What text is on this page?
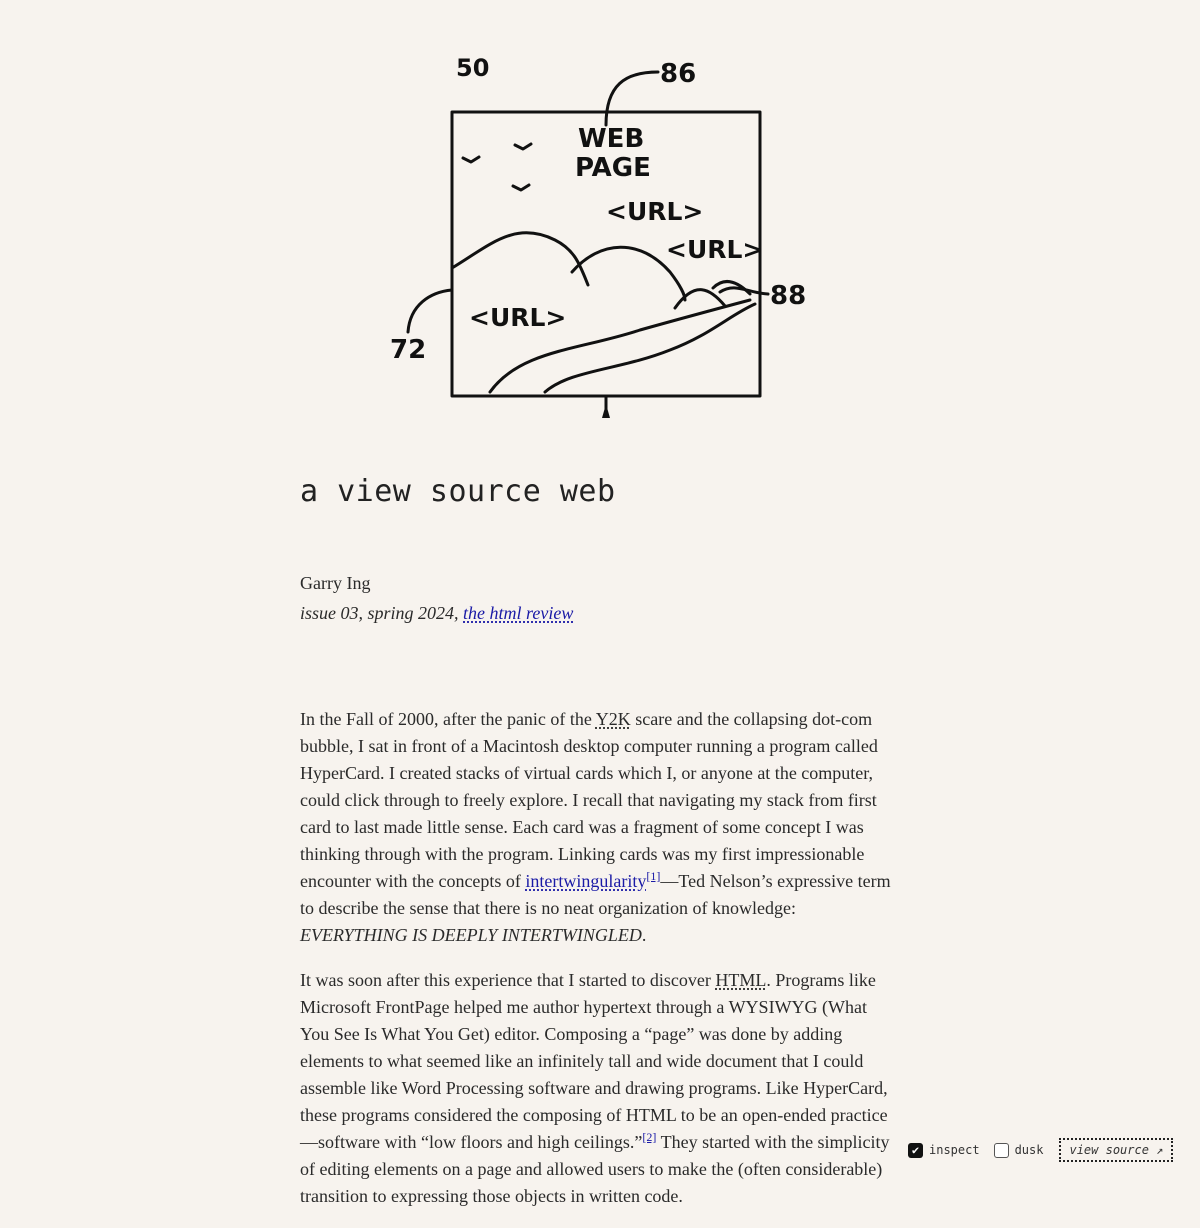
50	86
88
72
WEB
PAGE
<URL>
<URL>
<URL>
a view source web
Garry Ing
issue 03, spring 2024, the html review

In the Fall of 2000, after the panic of the Y2K scare and the collapsing dot-com bubble, I sat in front of a Macintosh desktop computer running a program called HyperCard. I created stacks of virtual cards which I, or anyone at the computer, could click through to freely explore. I recall that navigating my stack from first card to last made little sense. Each card was a fragment of some concept I was thinking through with the program. Linking cards was my first impressionable encounter with the concepts of intertwingularity[1]—Ted Nelson’s expressive term to describe the sense that there is no neat organization of knowledge: EVERYTHING IS DEEPLY INTERTWINGLED.

It was soon after this experience that I started to discover HTML. Programs like Microsoft FrontPage helped me author hypertext through a WYSIWYG (What You See Is What You Get) editor. Composing a “page” was done by adding elements to what seemed like an infinitely tall and wide document that I could assemble like Word Processing software and drawing programs. Like HyperCard, these programs considered the composing of HTML to be an open-ended practice—software with “low floors and high ceilings.”[2] They started with the simplicity of editing elements on a page and allowed users to make the (often considerable) transition to expressing those objects in written code.

✔ inspect	dusk	view source ↗
